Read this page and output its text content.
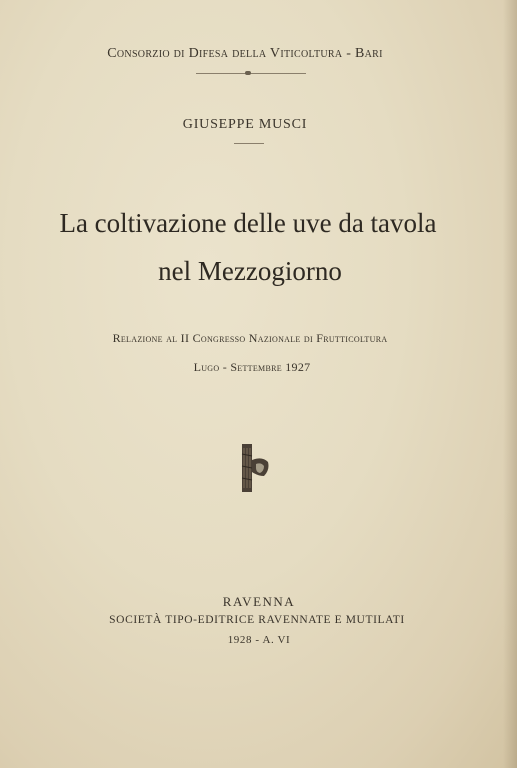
Consorzio di Difesa della Viticoltura - Bari
GIUSEPPE MUSCI
La coltivazione delle uve da tavola
nel Mezzogiorno
Relazione al II Congresso Nazionale di Frutticoltura
Lugo - Settembre 1927
RAVENNA
SOCIETÀ TIPO-EDITRICE RAVENNATE E MUTILATI
1928 - A. VI
